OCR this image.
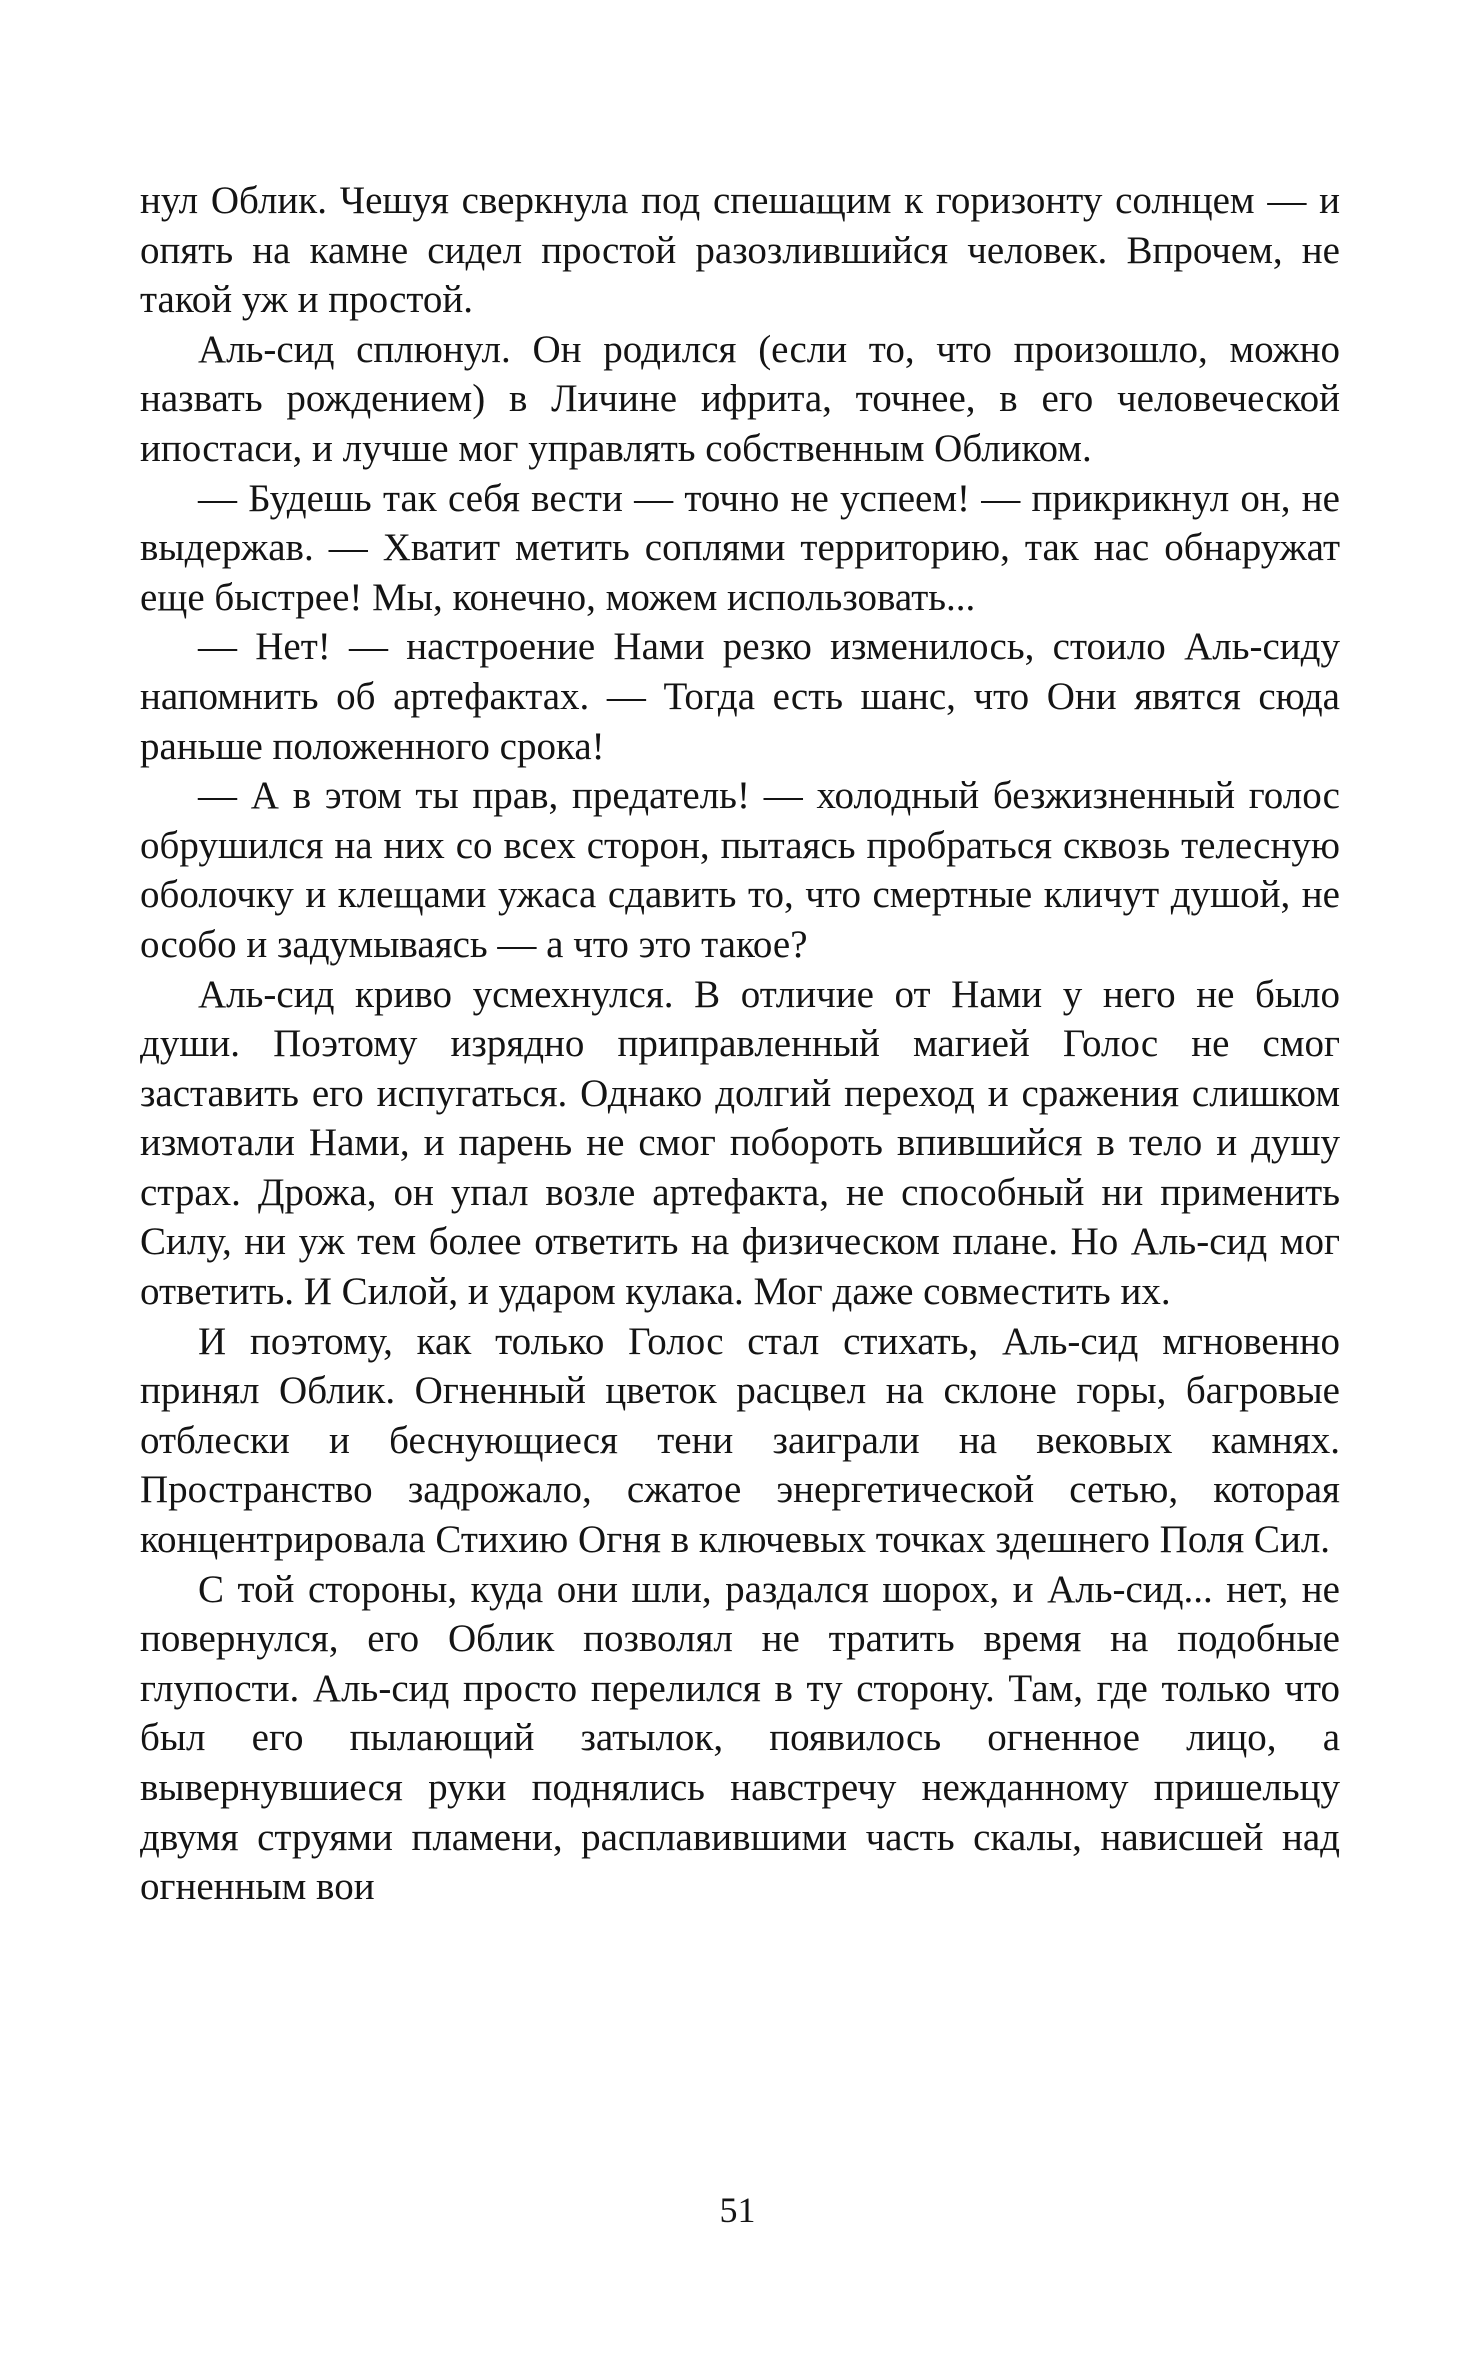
нул Облик. Чешуя сверкнула под спешащим к горизонту солнцем — и опять на камне сидел простой разозлившийся человек. Впрочем, не такой уж и простой.

Аль-сид сплюнул. Он родился (если то, что произошло, можно назвать рождением) в Личине ифрита, точнее, в его человеческой ипостаси, и лучше мог управлять собственным Обликом.

— Будешь так себя вести — точно не успеем! — прикрикнул он, не выдержав. — Хватит метить соплями территорию, так нас обнаружат еще быстрее! Мы, конечно, можем использовать...

— Нет! — настроение Нами резко изменилось, стоило Аль-сиду напомнить об артефактах. — Тогда есть шанс, что Они явятся сюда раньше положенного срока!

— А в этом ты прав, предатель! — холодный безжизненный голос обрушился на них со всех сторон, пытаясь пробраться сквозь телесную оболочку и клещами ужаса сдавить то, что смертные кличут душой, не особо и задумываясь — а что это такое?

Аль-сид криво усмехнулся. В отличие от Нами у него не было души. Поэтому изрядно приправленный магией Голос не смог заставить его испугаться. Однако долгий переход и сражения слишком измотали Нами, и парень не смог побороть впившийся в тело и душу страх. Дрожа, он упал возле артефакта, не способный ни применить Силу, ни уж тем более ответить на физическом плане. Но Аль-сид мог ответить. И Силой, и ударом кулака. Мог даже совместить их.

И поэтому, как только Голос стал стихать, Аль-сид мгновенно принял Облик. Огненный цветок расцвел на склоне горы, багровые отблески и беснующиеся тени заиграли на вековых камнях. Пространство задрожало, сжатое энергетической сетью, которая концентрировала Стихию Огня в ключевых точках здешнего Поля Сил.

С той стороны, куда они шли, раздался шорох, и Аль-сид... нет, не повернулся, его Облик позволял не тратить время на подобные глупости. Аль-сид просто перелился в ту сторону. Там, где только что был его пылающий затылок, появилось огненное лицо, а вывернувшиеся руки поднялись навстречу нежданному пришельцу двумя струями пламени, расплавившими часть скалы, нависшей над огненным вои

51
